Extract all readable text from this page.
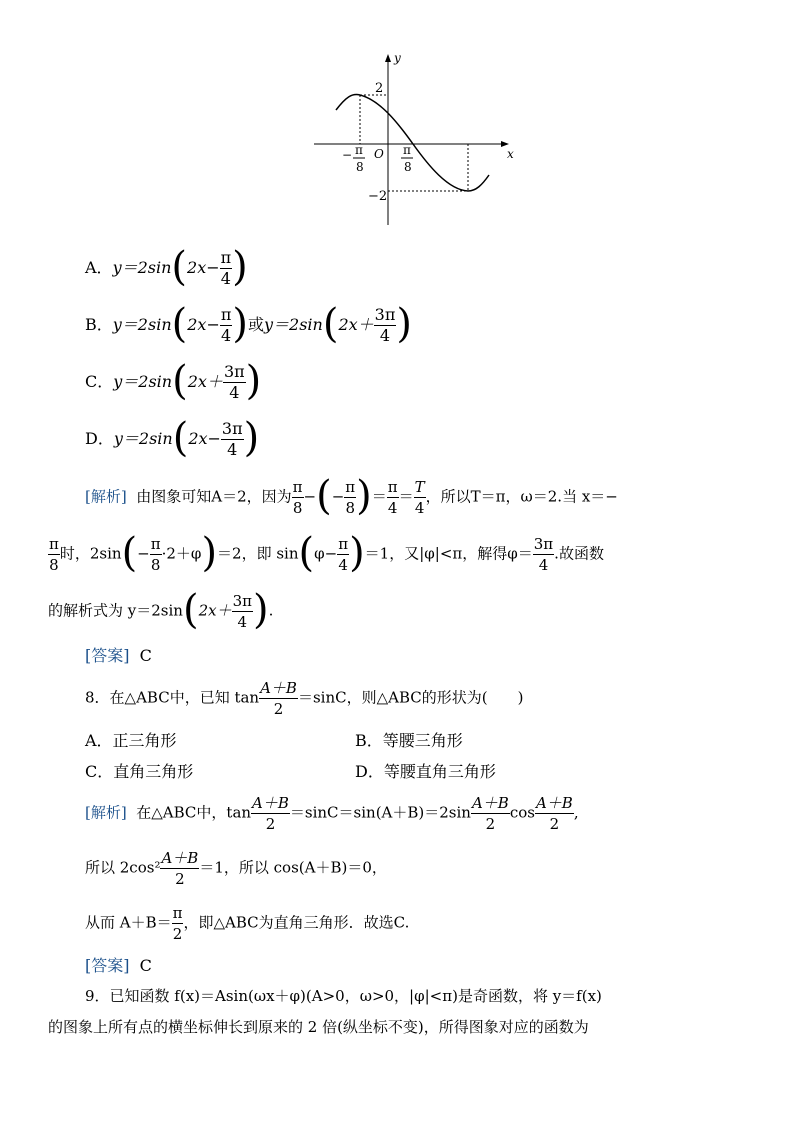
y
x
2
−2
O
− π
8
π
8
A．$y=2\sin(2x- \frac{\pi}{4}$ )
B．$y=2\sin(2x- \frac{\pi}{4}$ )或$y=2\sin(2x+ \frac{3\pi}{4}$ )
C．$y=2\sin(2x+ \frac{3\pi}{4}$ )
D．$y=2\sin(2x- \frac{3\pi}{4}$ )
[解析] 由图象可知A＝2，因为 $\frac{\pi}{8}$ −(− $\frac{\pi}{8}$ )＝ $\frac{\pi}{4} = \frac{T}{4}$ ，所以T＝π，ω＝2.当 x＝−
$\frac{\pi}{8}$ 时，$2\sin(- \frac{\pi}{8} \cdot 2+\varphi)=2$，即 $\sin(\varphi- \frac{\pi}{4} )=1$，又|φ|<π，解得$\varphi= \frac{3\pi}{4}$ .故函数
的解析式为 $y=2\sin(2x+ \frac{3\pi}{4}$ ).
[答案] C
8．在△ABC中，已知 $\tan \frac{A+B}{2} =\sin C$，则△ABC的形状为(　　)
A．正三角形	B．等腰三角形
C．直角三角形	D．等腰直角三角形
[解析] 在△ABC中，$\tan \frac{A+B}{2} =\sin C=\sin(A+B)=2\sin \frac{A+B}{2}$ $\cos \frac{A+B}{2}$ ,
所以 $2\cos^2 \frac{A+B}{2} =1$，所以 cos(A＋B)＝0，
从而 $A+B= \frac{\pi}{2}$ ，即△ABC为直角三角形．故选C.
[答案] C
9．已知函数 f(x)＝Asin(ωx＋φ)(A>0，ω>0，|φ|<π)是奇函数，将 y＝f(x)
的图象上所有点的横坐标伸长到原来的 2 倍(纵坐标不变)，所得图象对应的函数为
